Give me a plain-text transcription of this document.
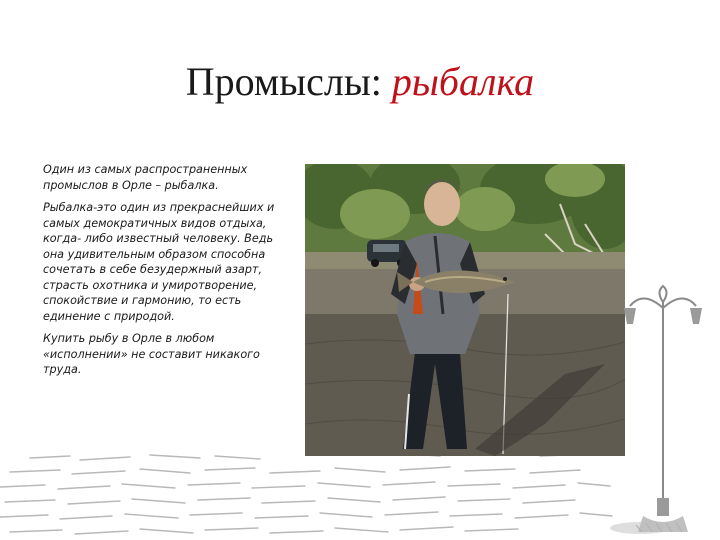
Промыслы: рыбалка

Один из самых распространенных промыслов в Орле – рыбалка.

Рыбалка-это один из прекраснейших и самых демократичных видов отдыха, когда- либо известный человеку. Ведь она удивительным образом способна сочетать в себе безудержный азарт, страсть охотника и умиротворение, спокойствие и гармонию, то есть единение с природой.

Купить рыбу в Орле в любом «исполнении» не составит никакого труда.
